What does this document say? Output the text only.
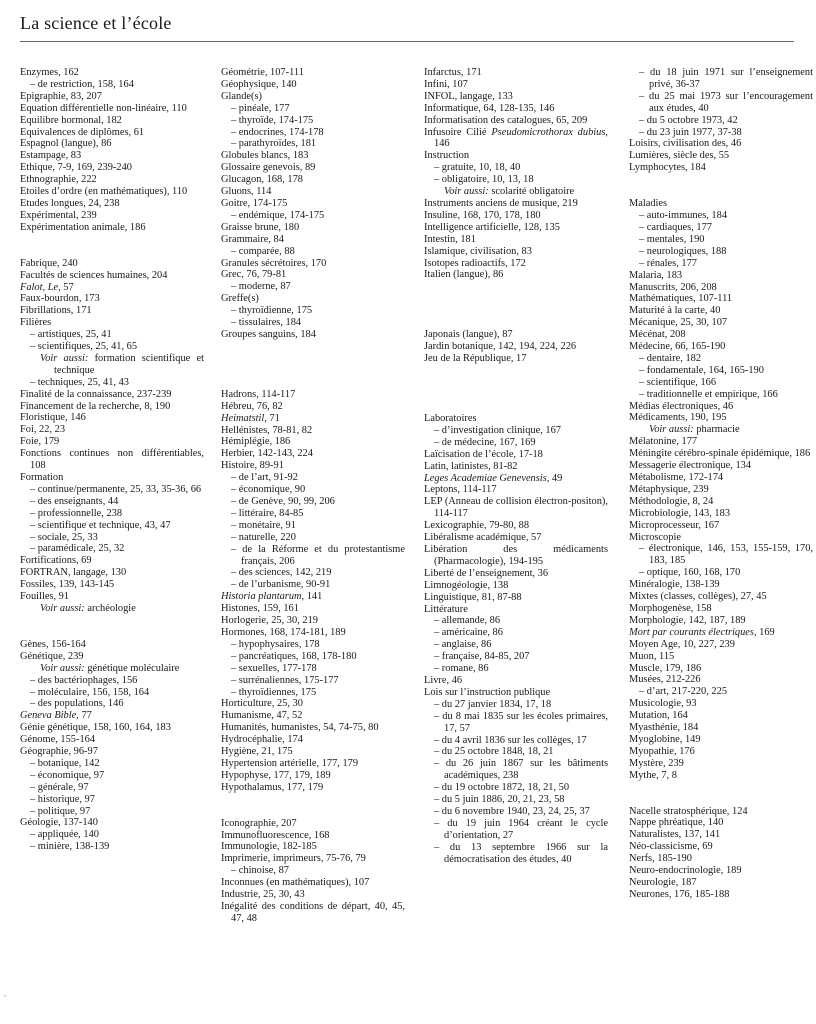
La science et l’école
Enzymes, 162
– de restriction, 158, 164
Epigraphie, 83, 207
Equation différentielle non-linéaire, 110
Equilibre hormonal, 182
Equivalences de diplômes, 61
Espagnol (langue), 86
Estampage, 83
Ethique, 7-9, 169, 239-240
Ethnographie, 222
Etoiles d’ordre (en mathématiques), 110
Etudes longues, 24, 238
Expérimental, 239
Expérimentation animale, 186
Fabrique, 240
Facultés de sciences humaines, 204
Falot, Le, 57
Faux-bourdon, 173
Fibrillations, 171
Filières
– artistiques, 25, 41
– scientifiques, 25, 41, 65
Voir aussi: formation scientifique et technique
– techniques, 25, 41, 43
Finalité de la connaissance, 237-239
Financement de la recherche, 8, 190
Floristique, 146
Foi, 22, 23
Foie, 179
Fonctions continues non différentiables, 108
Formation
– continue/permanente, 25, 33, 35-36, 66
– des enseignants, 44
– professionnelle, 238
– scientifique et technique, 43, 47
– sociale, 25, 33
– paramédicale, 25, 32
Fortifications, 69
FORTRAN, langage, 130
Fossiles, 139, 143-145
Fouilles, 91
Voir aussi: archéologie
Gènes, 156-164
Génétique, 239
Voir aussi: génétique moléculaire
– des bactériophages, 156
– moléculaire, 156, 158, 164
– des populations, 146
Geneva Bible, 77
Génie génétique, 158, 160, 164, 183
Génome, 155-164
Géographie, 96-97
– botanique, 142
– économique, 97
– générale, 97
– historique, 97
– politique, 97
Géologie, 137-140
– appliquée, 140
– minière, 138-139
Géométrie, 107-111
Géophysique, 140
Glande(s)
– pinéale, 177
– thyroïde, 174-175
– endocrines, 174-178
– parathyroïdes, 181
Globules blancs, 183
Glossaire genevois, 89
Glucagon, 168, 178
Gluons, 114
Goitre, 174-175
– endémique, 174-175
Graisse brune, 180
Grammaire, 84
– comparée, 88
Granules sécrétoires, 170
Grec, 76, 79-81
– moderne, 87
Greffe(s)
– thyroïdienne, 175
– tissulaires, 184
Groupes sanguins, 184
Hadrons, 114-117
Hébreu, 76, 82
Heimatstil, 71
Hellénistes, 78-81, 82
Hémiplégie, 186
Herbier, 142-143, 224
Histoire, 89-91
– de l’art, 91-92
– économique, 90
– de Genève, 90, 99, 206
– littéraire, 84-85
– monétaire, 91
– naturelle, 220
– de la Réforme et du protestantisme français, 206
– des sciences, 142, 219
– de l’urbanisme, 90-91
Historia plantarum, 141
Histones, 159, 161
Horlogerie, 25, 30, 219
Hormones, 168, 174-181, 189
– hypophysaires, 178
– pancréatiques, 168, 178-180
– sexuelles, 177-178
– surrénaliennes, 175-177
– thyroïdiennes, 175
Horticulture, 25, 30
Humanisme, 47, 52
Humanités, humanistes, 54, 74-75, 80
Hydrocéphalie, 174
Hygiène, 21, 175
Hypertension artérielle, 177, 179
Hypophyse, 177, 179, 189
Hypothalamus, 177, 179
Iconographie, 207
Immunofluorescence, 168
Immunologie, 182-185
Imprimerie, imprimeurs, 75-76, 79
– chinoise, 87
Inconnues (en mathématiques), 107
Industrie, 25, 30, 43
Inégalité des conditions de départ, 40, 45, 47, 48
Infarctus, 171
Infini, 107
INFOL, langage, 133
Informatique, 64, 128-135, 146
Informatisation des catalogues, 65, 209
Infusoire Cilié Pseudomicrothorax dubius, 146
Instruction
– gratuite, 10, 18, 40
– obligatoire, 10, 13, 18
Voir aussi: scolarité obligatoire
Instruments anciens de musique, 219
Insuline, 168, 170, 178, 180
Intelligence artificielle, 128, 135
Intestin, 181
Islamique, civilisation, 83
Isotopes radioactifs, 172
Italien (langue), 86
Japonais (langue), 87
Jardin botanique, 142, 194, 224, 226
Jeu de la République, 17
Laboratoires
– d’investigation clinique, 167
– de médecine, 167, 169
Laïcisation de l’école, 17-18
Latin, latinistes, 81-82
Leges Academiae Genevensis, 49
Leptons, 114-117
LEP (Anneau de collision électron-positon), 114-117
Lexicographie, 79-80, 88
Libéralisme académique, 57
Libération des médicaments (Pharmacologie), 194-195
Liberté de l’enseignement, 36
Limnogéologie, 138
Linguistique, 81, 87-88
Littérature
– allemande, 86
– américaine, 86
– anglaise, 86
– française, 84-85, 207
– romane, 86
Livre, 46
Lois sur l’instruction publique
– du 27 janvier 1834, 17, 18
– du 8 mai 1835 sur les écoles primaires, 17, 57
– du 4 avril 1836 sur les collèges, 17
– du 25 octobre 1848, 18, 21
– du 26 juin 1867 sur les bâtiments académiques, 238
– du 19 octobre 1872, 18, 21, 50
– du 5 juin 1886, 20, 21, 23, 58
– du 6 novembre 1940, 23, 24, 25, 37
– du 19 juin 1964 créant le cycle d’orientation, 27
– du 13 septembre 1966 sur la démocratisation des études, 40
– du 18 juin 1971 sur l’enseignement privé, 36-37
– du 25 mai 1973 sur l’encouragement aux études, 40
– du 5 octobre 1973, 42
– du 23 juin 1977, 37-38
Loisirs, civilisation des, 46
Lumières, siècle des, 55
Lymphocytes, 184
Maladies
– auto-immunes, 184
– cardiaques, 177
– mentales, 190
– neurologiques, 188
– rénales, 177
Malaria, 183
Manuscrits, 206, 208
Mathématiques, 107-111
Maturité à la carte, 40
Mécanique, 25, 30, 107
Mécénat, 208
Médecine, 66, 165-190
– dentaire, 182
– fondamentale, 164, 165-190
– scientifique, 166
– traditionnelle et empirique, 166
Médias électroniques, 46
Médicaments, 190, 195
Voir aussi: pharmacie
Mélatonine, 177
Méningite cérébro-spinale épidémique, 186
Messagerie électronique, 134
Métabolisme, 172-174
Métaphysique, 239
Méthodologie, 8, 24
Microbiologie, 143, 183
Microprocesseur, 167
Microscopie
– électronique, 146, 153, 155-159, 170, 183, 185
– optique, 160, 168, 170
Minéralogie, 138-139
Mixtes (classes, collèges), 27, 45
Morphogenèse, 158
Morphologie, 142, 187, 189
Mort par courants électriques, 169
Moyen Age, 10, 227, 239
Muon, 115
Muscle, 179, 186
Musées, 212-226
– d’art, 217-220, 225
Musicologie, 93
Mutation, 164
Myasthénie, 184
Myoglobine, 149
Myopathie, 176
Mystère, 239
Mythe, 7, 8
Nacelle stratosphérique, 124
Nappe phréatique, 140
Naturalistes, 137, 141
Néo-classicisme, 69
Nerfs, 185-190
Neuro-endocrinologie, 189
Neurologie, 187
Neurones, 176, 185-188
•
